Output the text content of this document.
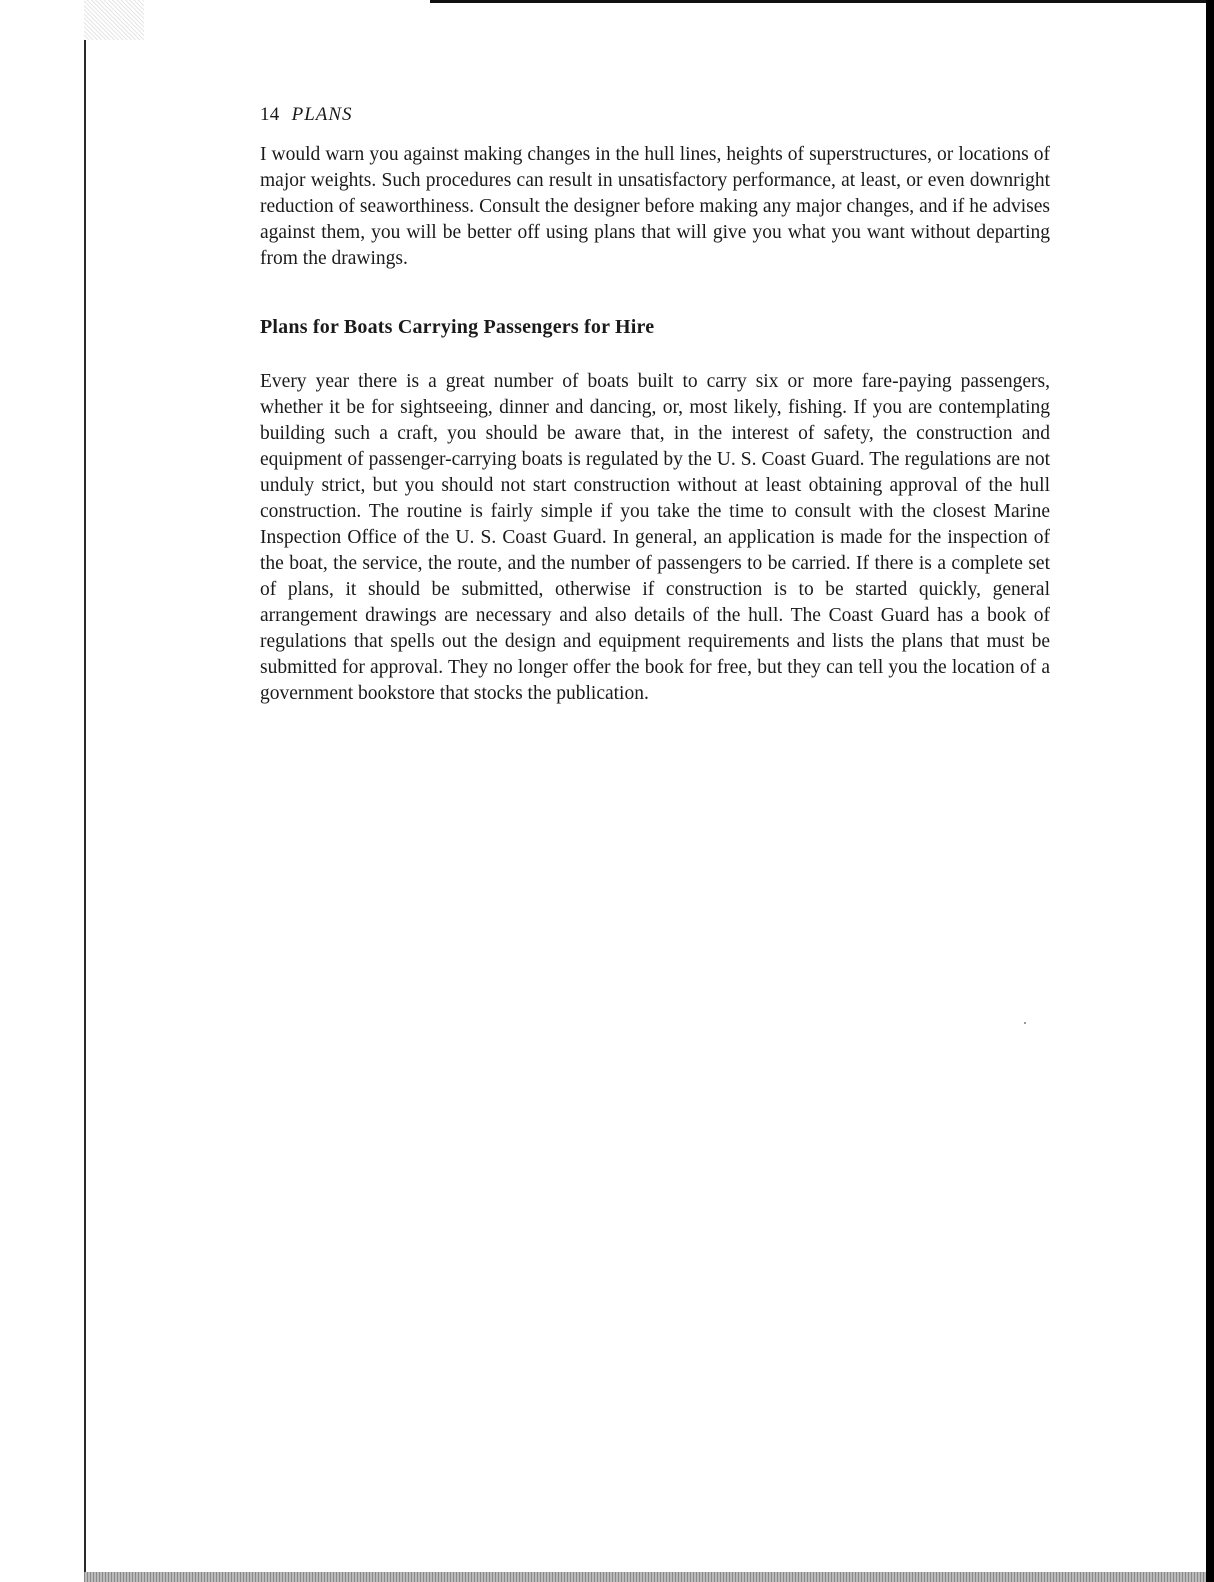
14 PLANS

I would warn you against making changes in the hull lines, heights of superstructures, or locations of major weights. Such procedures can result in unsatisfactory performance, at least, or even downright reduction of seaworthiness. Consult the designer before making any major changes, and if he advises against them, you will be better off using plans that will give you what you want without departing from the drawings.

Plans for Boats Carrying Passengers for Hire

Every year there is a great number of boats built to carry six or more fare-paying passengers, whether it be for sightseeing, dinner and dancing, or, most likely, fishing. If you are contemplating building such a craft, you should be aware that, in the interest of safety, the construction and equipment of passenger-carrying boats is regulated by the U. S. Coast Guard. The regulations are not unduly strict, but you should not start construction without at least obtaining approval of the hull construction. The routine is fairly simple if you take the time to consult with the closest Marine Inspection Office of the U. S. Coast Guard. In general, an application is made for the inspection of the boat, the service, the route, and the number of passengers to be carried. If there is a complete set of plans, it should be submitted, otherwise if construction is to be started quickly, general arrangement drawings are necessary and also details of the hull. The Coast Guard has a book of regulations that spells out the design and equipment requirements and lists the plans that must be submitted for approval. They no longer offer the book for free, but they can tell you the location of a government bookstore that stocks the publication.
